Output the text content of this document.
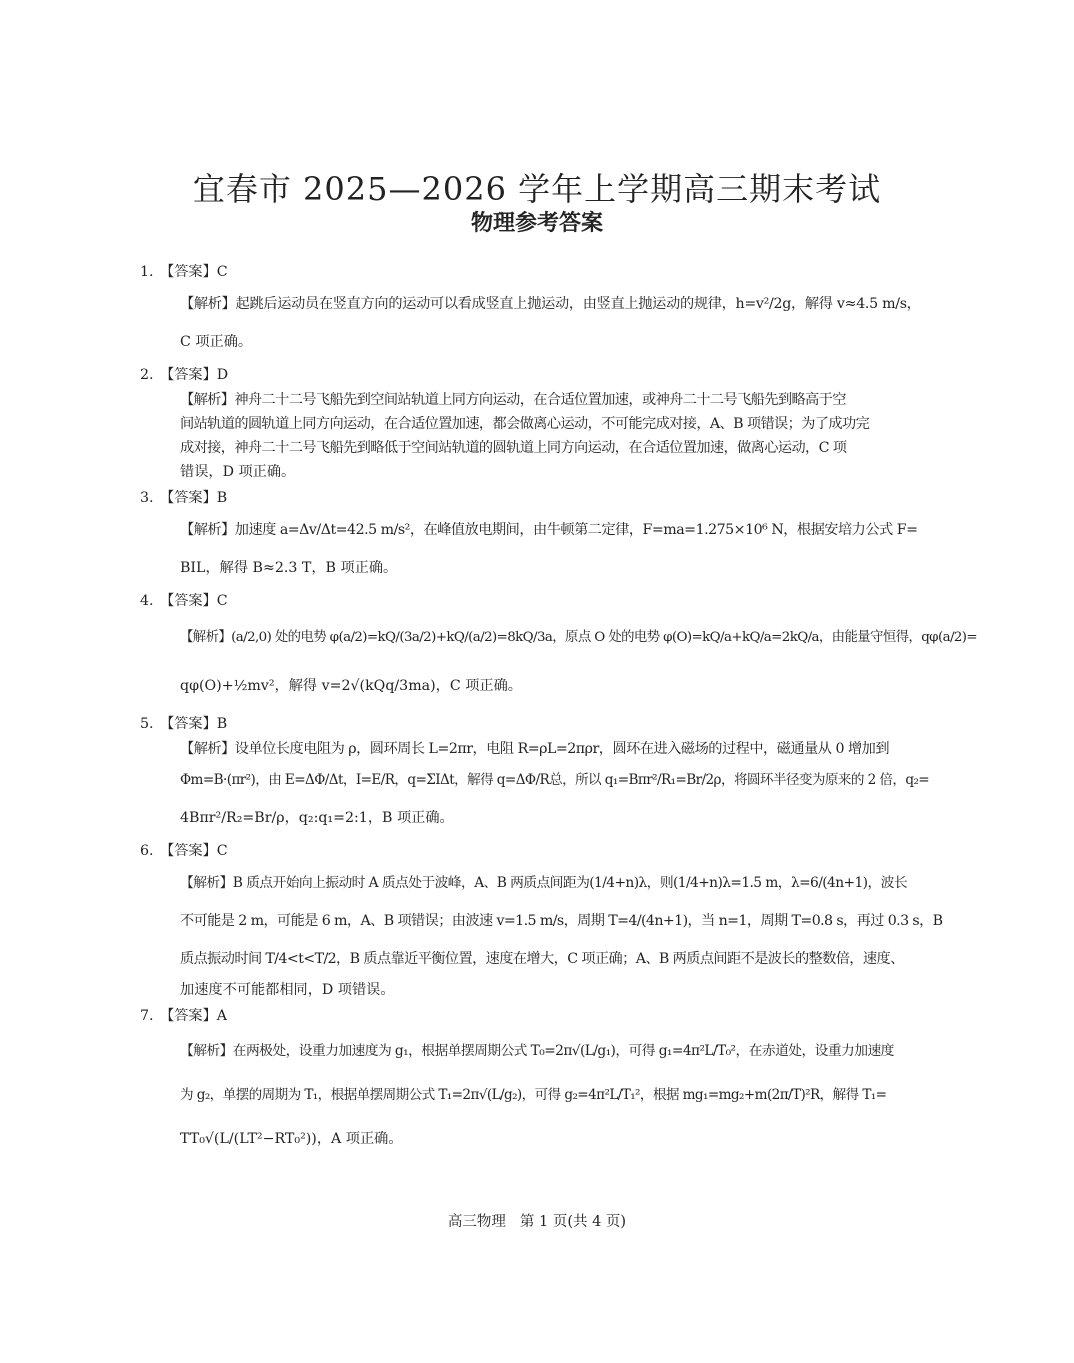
宜春市 2025—2026 学年上学期高三期末考试
物理参考答案
1. 【答案】C

【解析】起跳后运动员在竖直方向的运动可以看成竖直上抛运动，由竖直上抛运动的规律，h=v²/2g，解得 v≈4.5 m/s，

C 项正确。

2. 【答案】D

【解析】神舟二十二号飞船先到空间站轨道上同方向运动，在合适位置加速，或神舟二十二号飞船先到略高于空

间站轨道的圆轨道上同方向运动，在合适位置加速，都会做离心运动，不可能完成对接，A、B 项错误；为了成功完

成对接，神舟二十二号飞船先到略低于空间站轨道的圆轨道上同方向运动，在合适位置加速，做离心运动，C 项

错误，D 项正确。

3. 【答案】B

【解析】加速度 a=Δv/Δt=42.5 m/s²，在峰值放电期间，由牛顿第二定律，F=ma=1.275×10⁶ N，根据安培力公式 F=

BIL，解得 B≈2.3 T，B 项正确。

4. 【答案】C

【解析】(a/2,0) 处的电势 φ(a/2)=kQ/(3a/2)+kQ/(a/2)=8kQ/3a，原点 O 处的电势 φ(O)=kQ/a+kQ/a=2kQ/a，由能量守恒得，qφ(a/2)=

qφ(O)+½mv²，解得 v=2√(kQq/3ma)，C 项正确。

5. 【答案】B

【解析】设单位长度电阻为 ρ，圆环周长 L=2πr，电阻 R=ρL=2πρr，圆环在进入磁场的过程中，磁通量从 0 增加到

Φm=B·(πr²)，由 E=ΔΦ/Δt，I=E/R，q=ΣIΔt，解得 q=ΔΦ/R总，所以 q₁=Bπr²/R₁=Br/2ρ，将圆环半径变为原来的 2 倍，q₂=

4Bπr²/R₂=Br/ρ，q₂:q₁=2:1，B 项正确。

6. 【答案】C

【解析】B 质点开始向上振动时 A 质点处于波峰，A、B 两质点间距为(1/4+n)λ，则(1/4+n)λ=1.5 m，λ=6/(4n+1)，波长

不可能是 2 m，可能是 6 m，A、B 项错误；由波速 v=1.5 m/s，周期 T=4/(4n+1)，当 n=1，周期 T=0.8 s，再过 0.3 s，B

质点振动时间 T/4<t<T/2，B 质点靠近平衡位置，速度在增大，C 项正确；A、B 两质点间距不是波长的整数倍，速度、

加速度不可能都相同，D 项错误。

7. 【答案】A

【解析】在两极处，设重力加速度为 g₁，根据单摆周期公式 T₀=2π√(L/g₁)，可得 g₁=4π²L/T₀²，在赤道处，设重力加速度

为 g₂，单摆的周期为 T₁，根据单摆周期公式 T₁=2π√(L/g₂)，可得 g₂=4π²L/T₁²，根据 mg₁=mg₂+m(2π/T)²R，解得 T₁=

TT₀√(L/(LT²−RT₀²))，A 项正确。

高三物理 第 1 页(共 4 页)
